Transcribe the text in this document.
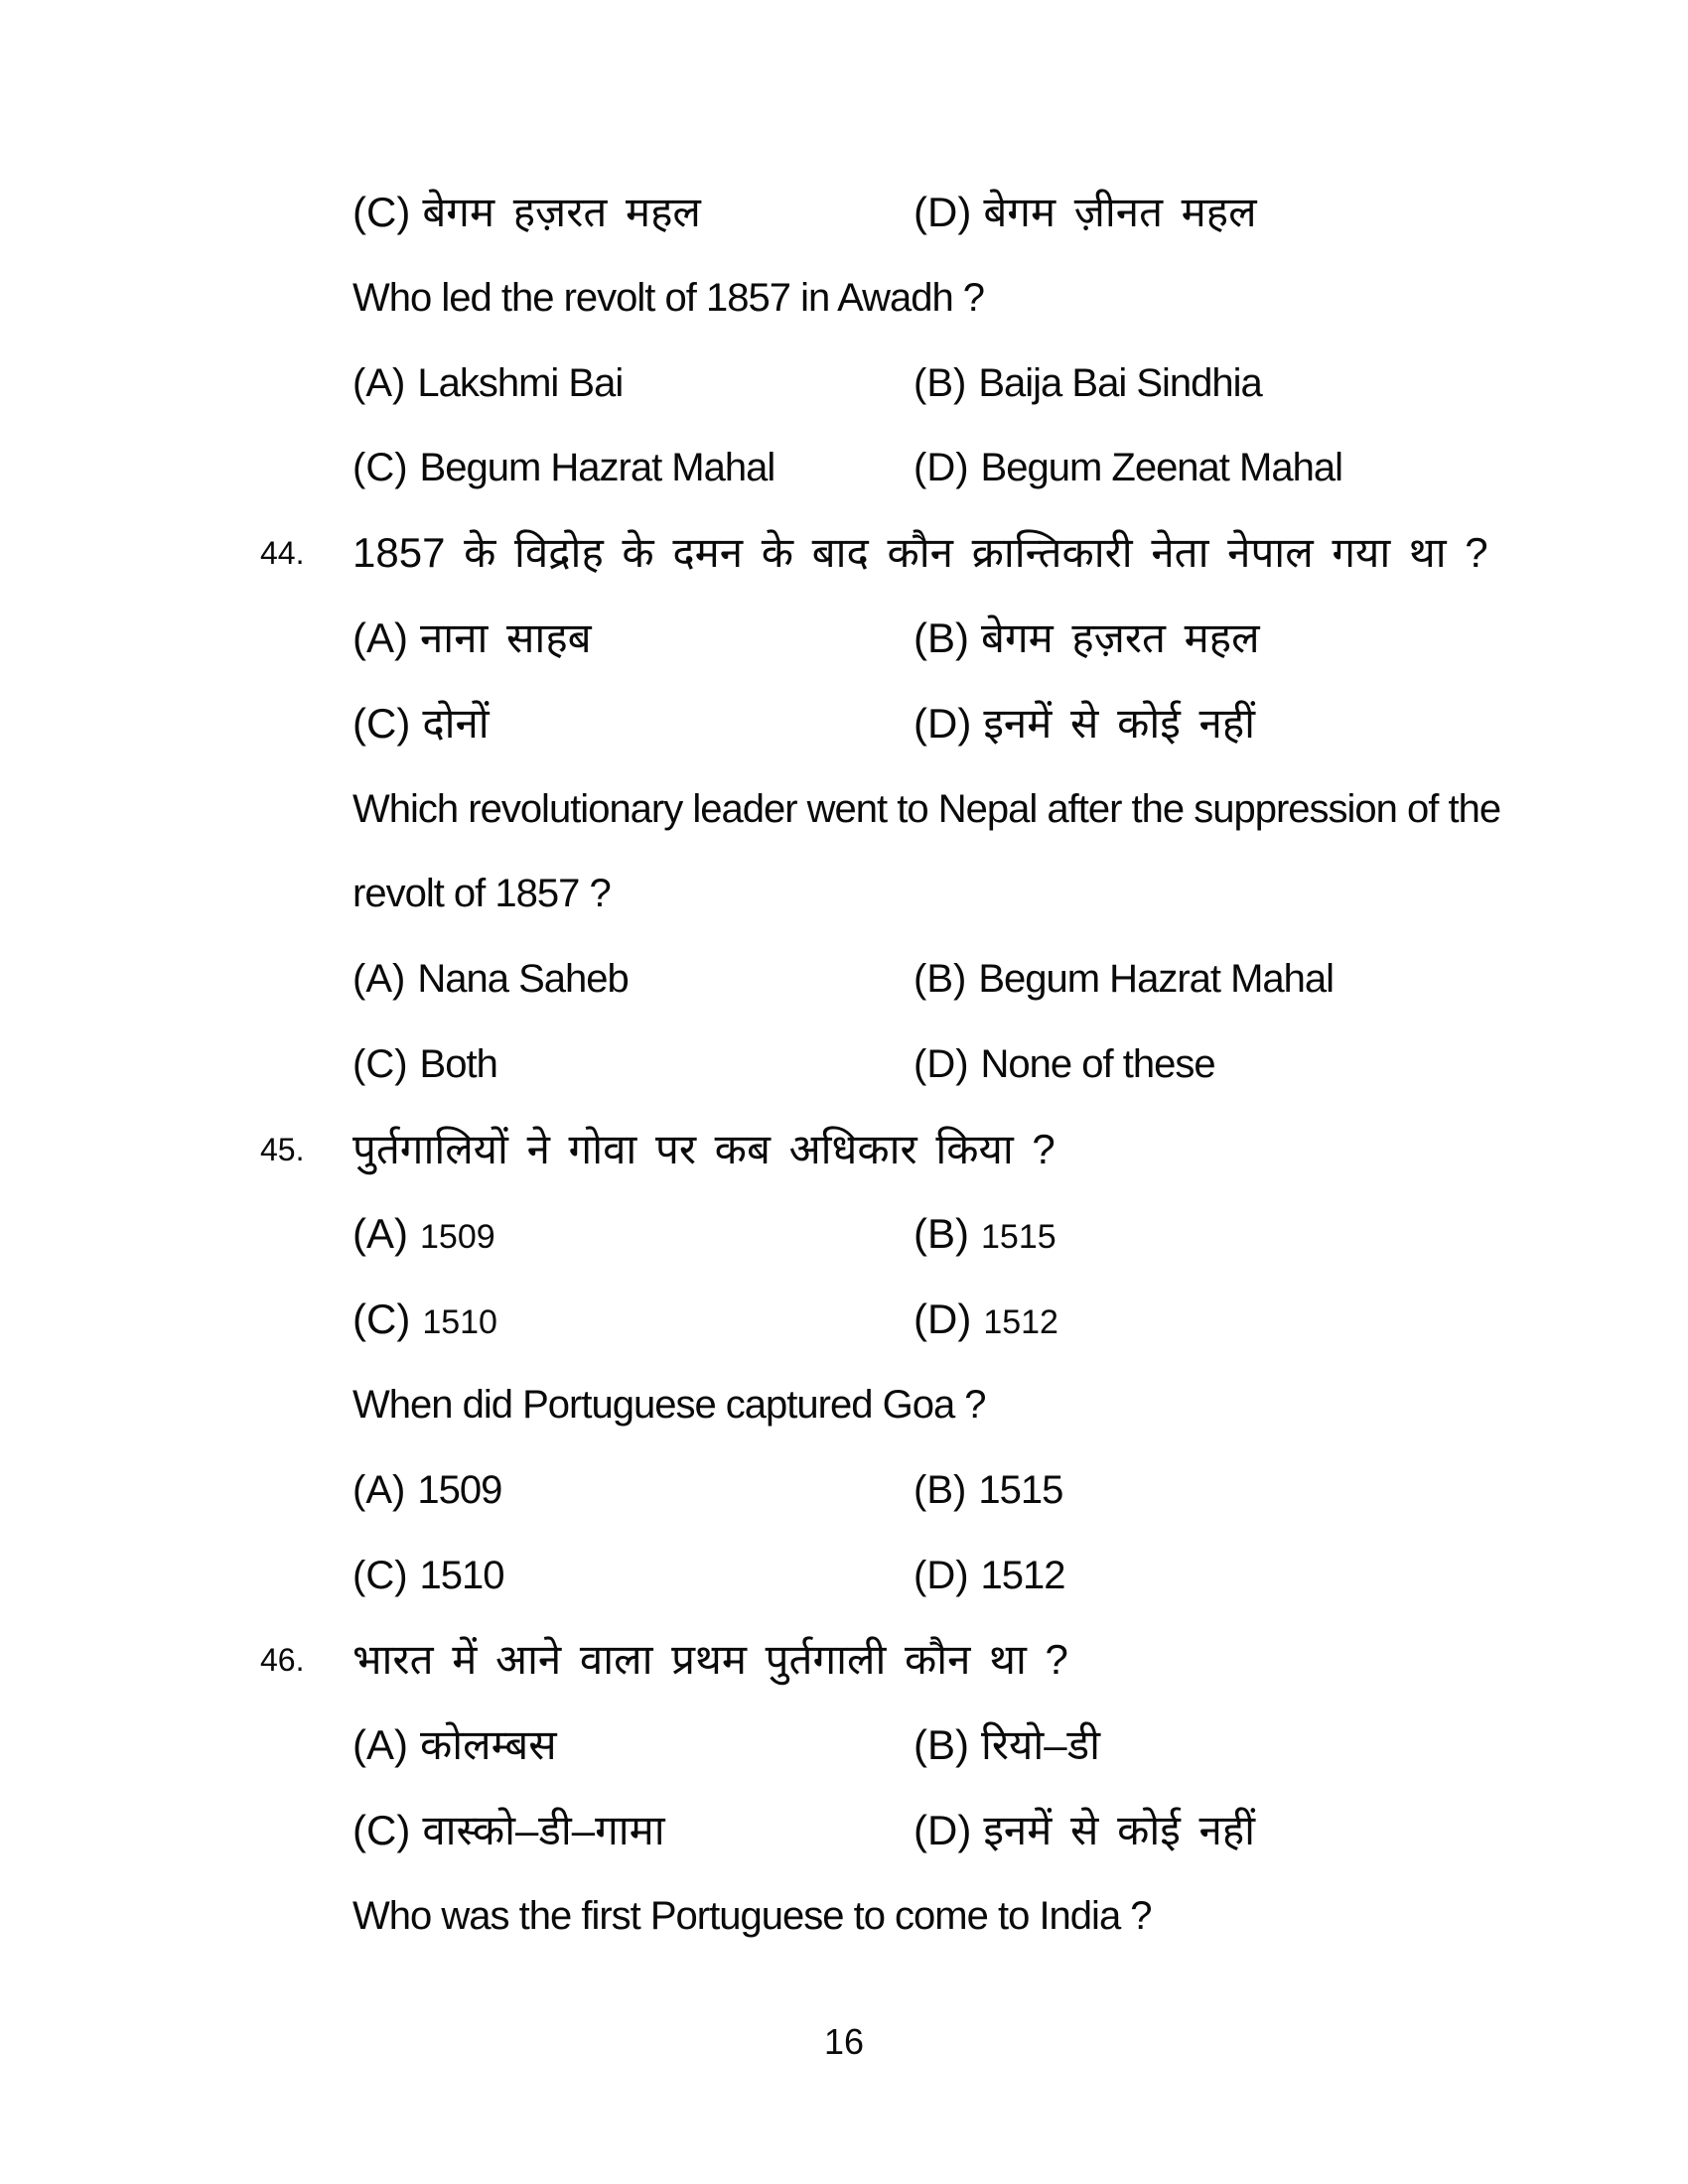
(C) बेगम हज़रत महल	(D) बेगम ज़ीनत महल
Who led the revolt of 1857 in Awadh ?
(A) Lakshmi Bai	(B) Baija Bai Sindhia
(C) Begum Hazrat Mahal	(D) Begum Zeenat Mahal
44. 1857 के विद्रोह के दमन के बाद कौन क्रान्तिकारी नेता नेपाल गया था ?
(A) नाना साहब	(B) बेगम हज़रत महल
(C) दोनों	(D) इनमें से कोई नहीं
Which revolutionary leader went to Nepal after the suppression of the
revolt of 1857 ?
(A) Nana Saheb	(B) Begum Hazrat Mahal
(C) Both	(D) None of these
45. पुर्तगालियों ने गोवा पर कब अधिकार किया ?
(A) 1509	(B) 1515
(C) 1510	(D) 1512
When did Portuguese captured Goa ?
(A) 1509	(B) 1515
(C) 1510	(D) 1512
46. भारत में आने वाला प्रथम पुर्तगाली कौन था ?
(A) कोलम्बस	(B) रियो–डी
(C) वास्को–डी–गामा	(D) इनमें से कोई नहीं
Who was the first Portuguese to come to India ?
16
